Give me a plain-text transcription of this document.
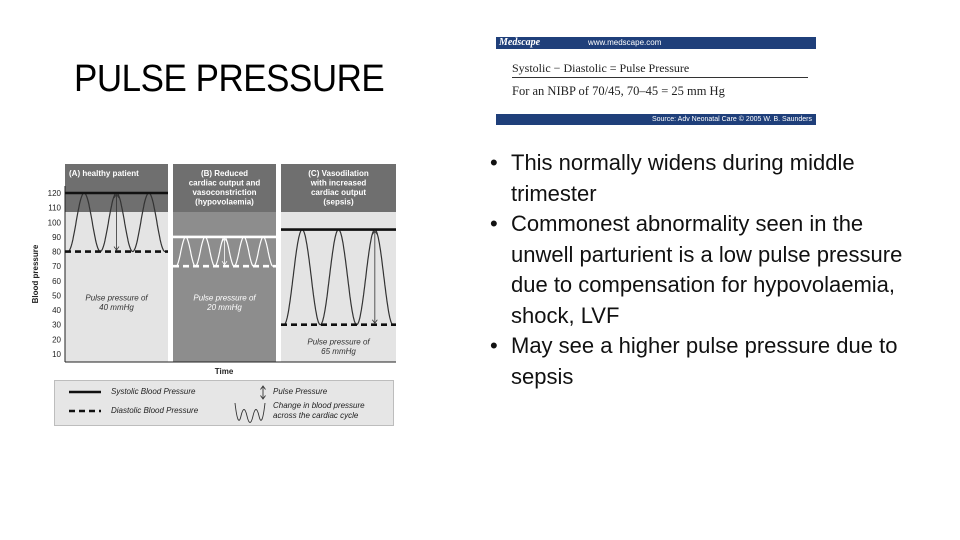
PULSE PRESSURE
Medscape	www.medscape.com
Systolic − Diastolic = Pulse Pressure
For an NIBP of 70/45, 70–45 = 25 mm Hg
Source: Adv Neonatal Care © 2005 W. B. Saunders
(A) healthy patient	(B) Reduced cardiac output and vasoconstriction (hypovolaemia)
(C) Vasodilation with increased cardiac output (sepsis)
120
110
100
90
80
70
60
50
40
30
20
10
Blood pressure
Time
Pulse pressure of 40 mmHg
Pulse pressure of 20 mmHg
Pulse pressure of 65 mmHg
Systolic Blood Pressure
Diastolic Blood Pressure
Pulse Pressure
Change in blood pressure across the cardiac cycle
• This normally widens during middle trimester
• Commonest abnormality seen in the unwell parturient is a low pulse pressure due to compensation for hypovolaemia, shock, LVF
• May see a higher pulse pressure due to sepsis
